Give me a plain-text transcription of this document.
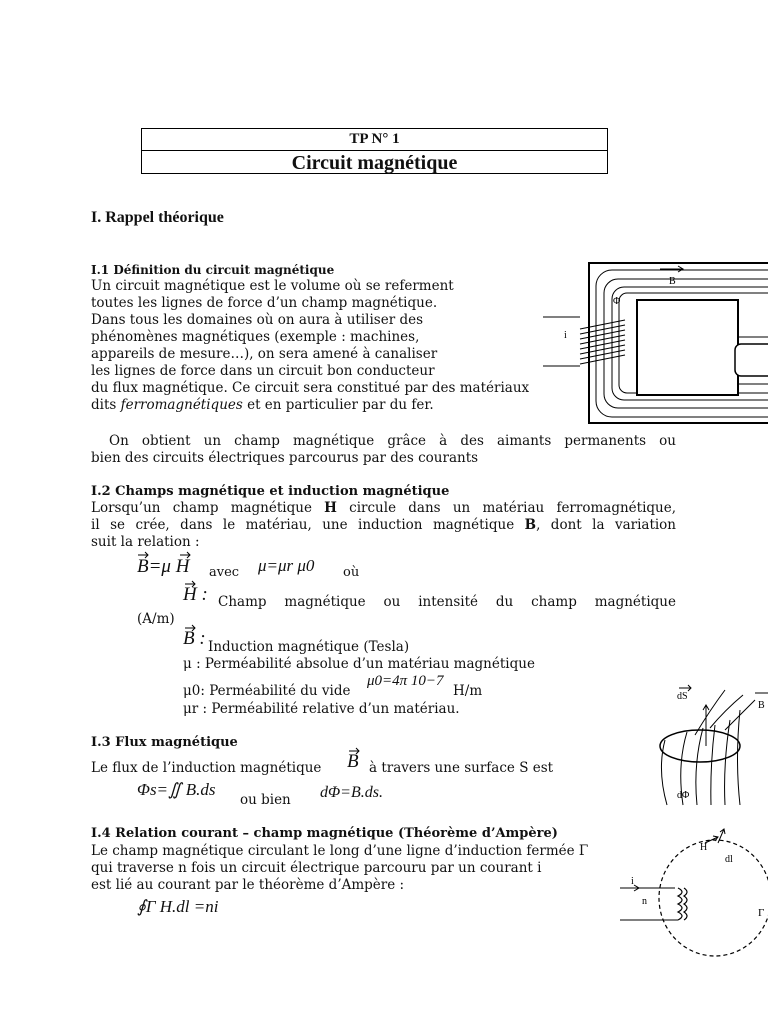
TP N° 1
Circuit magnétique
I. Rappel théorique
I.1 Définition du circuit magnétique
Un circuit magnétique est le volume où se referment
toutes les lignes de force d’un champ magnétique.
Dans tous les domaines où on aura à utiliser des
phénomènes magnétiques (exemple : machines,
appareils de mesure…), on sera amené à canaliser
les lignes de force dans un circuit bon conducteur
du flux magnétique. Ce circuit sera constitué par des matériaux
dits ferromagnétiques et en particulier par du fer.
On obtient un champ magnétique grâce à des aimants permanents ou
bien des circuits électriques parcourus par des courants
B
Φ
i
I.2 Champs magnétique et induction magnétique
Lorsqu’un champ magnétique H circule dans un matériau ferromagnétique,
il se crée, dans le matériau, une induction magnétique B, dont la variation
suit la relation :
B=μ H avec μ=μr μ0 où
H : Champ magnétique ou intensité du champ magnétique
(A/m)
B : Induction magnétique (Tesla)
μ : Perméabilité absolue d’un matériau magnétique
μ0: Perméabilité du vide
μ0=4π 10−7
H/m
μr : Perméabilité relative d’un matériau.
dS
B
dΦ
I.3 Flux magnétique
Le flux de l’induction magnétique B à travers une surface S est
Φs=∬ B.ds
ou bien dΦ=B.ds.
I.4 Relation courant – champ magnétique (Théorème d’Ampère)
Le champ magnétique circulant le long d’une ligne d’induction fermée Γ
qui traverse n fois un circuit électrique parcouru par un courant i
est lié au courant par le théorème d’Ampère :
∮Γ H.dl =ni
H
dl
i
n
Γ
